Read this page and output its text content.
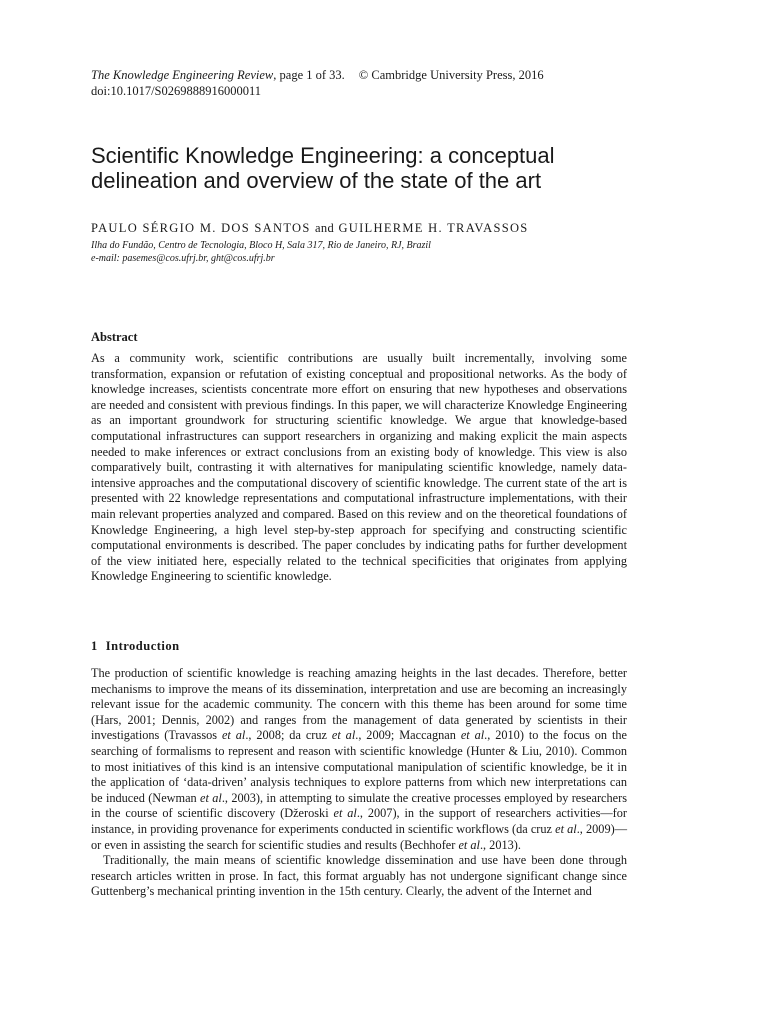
The Knowledge Engineering Review, page 1 of 33. © Cambridge University Press, 2016
doi:10.1017/S0269888916000011
Scientific Knowledge Engineering: a conceptual
delineation and overview of the state of the art
PAULO SÉRGIO M. DOS SANTOS and GUILHERME H. TRAVASSOS
Ilha do Fundão, Centro de Tecnologia, Bloco H, Sala 317, Rio de Janeiro, RJ, Brazil
e-mail: pasemes@cos.ufrj.br, ght@cos.ufrj.br
Abstract

As a community work, scientific contributions are usually built incrementally, involving some transformation, expansion or refutation of existing conceptual and propositional networks. As the body of knowledge increases, scientists concentrate more effort on ensuring that new hypotheses and observations are needed and consistent with previous findings. In this paper, we will characterize Knowledge Engineering as an important groundwork for structuring scientific knowledge. We argue that knowledge-based computational infrastructures can support researchers in organizing and making explicit the main aspects needed to make inferences or extract conclusions from an existing body of knowledge. This view is also comparatively built, contrasting it with alternatives for manipulating scientific knowledge, namely data-intensive approaches and the computational discovery of scientific knowledge. The current state of the art is presented with 22 knowledge representations and computational infrastructure implementations, with their main relevant properties analyzed and compared. Based on this review and on the theoretical foundations of Knowledge Engineering, a high level step-by-step approach for specifying and constructing scientific computational environments is described. The paper concludes by indicating paths for further development of the view initiated here, especially related to the technical specificities that originates from applying Knowledge Engineering to scientific knowledge.

1 Introduction

The production of scientific knowledge is reaching amazing heights in the last decades. Therefore, better mechanisms to improve the means of its dissemination, interpretation and use are becoming an increasingly relevant issue for the academic community. The concern with this theme has been around for some time (Hars, 2001; Dennis, 2002) and ranges from the management of data generated by scientists in their investigations (Travassos et al., 2008; da cruz et al., 2009; Maccagnan et al., 2010) to the focus on the searching of formalisms to represent and reason with scientific knowledge (Hunter & Liu, 2010). Common to most initiatives of this kind is an intensive computational manipulation of scientific knowledge, be it in the application of ‘data-driven’ analysis techniques to explore patterns from which new interpretations can be induced (Newman et al., 2003), in attempting to simulate the creative processes employed by researchers in the course of scientific discovery (Džeroski et al., 2007), in the support of researchers activities—for instance, in providing provenance for experiments conducted in scientific workflows (da cruz et al., 2009)—or even in assisting the search for scientific studies and results (Bechhofer et al., 2013).

Traditionally, the main means of scientific knowledge dissemination and use have been done through research articles written in prose. In fact, this format arguably has not undergone significant change since Guttenberg’s mechanical printing invention in the 15th century. Clearly, the advent of the Internet and
